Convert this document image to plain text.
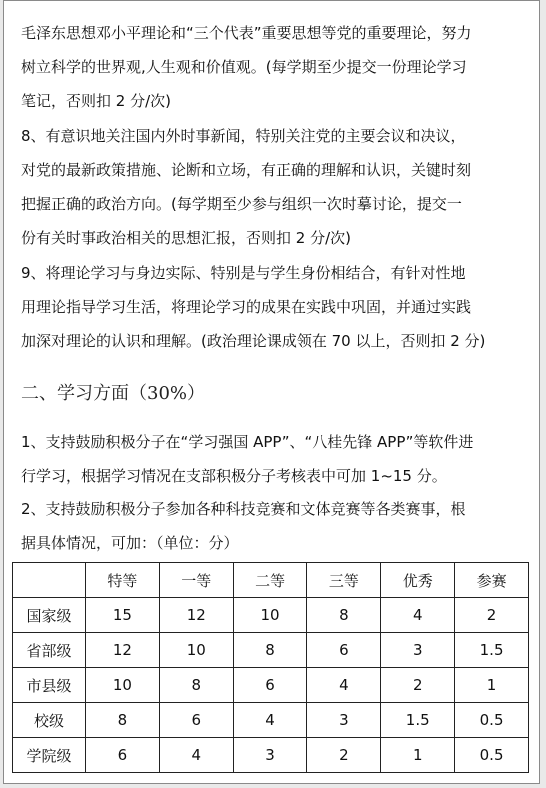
毛泽东思想邓小平理论和“三个代表”重要思想等党的重要理论，努力

树立科学的世界观,人生观和价值观。(每学期至少提交一份理论学习

笔记，否则扣 2 分/次)

8、有意识地关注国内外时事新闻，特别关注党的主要会议和决议，

对党的最新政策措施、论断和立场，有正确的理解和认识，关键时刻

把握正确的政治方向。(每学期至少参与组织一次时摹讨论，提交一

份有关时事政治相关的思想汇报，否则扣 2 分/次)

9、将理论学习与身边实际、特别是与学生身份相结合，有针对性地

用理论指导学习生活，将理论学习的成果在实践中巩固，并通过实践

加深对理论的认识和理解。(政治理论课成领在 70 以上，否则扣 2 分)

二、学习方面（30%）

1、支持鼓励积极分子在“学习强国 APP”、“八桂先锋 APP”等软件进

行学习，根据学习情况在支部积极分子考核表中可加 1~15 分。

2、支持鼓励积极分子参加各种科技竞赛和文体竞赛等各类赛事，根

据具体情况，可加：（单位：分）

	特等	一等	二等	三等	优秀	参赛
国家级	15	12	10	8	4	2
省部级	12	10	8	6	3	1.5
市县级	10	8	6	4	2	1
校级	8	6	4	3	1.5	0.5
学院级	6	4	3	2	1	0.5
